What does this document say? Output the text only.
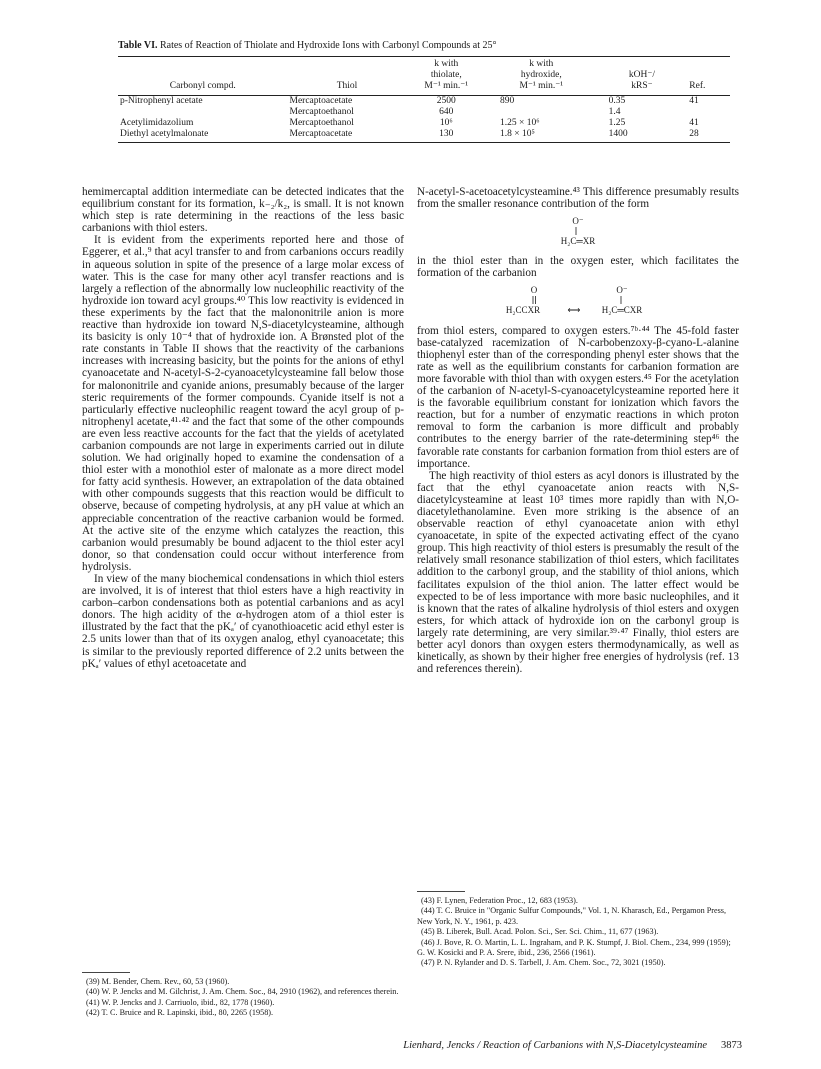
Table VI. Rates of Reaction of Thiolate and Hydroxide Ions with Carbonyl Compounds at 25°
Carbonyl compd.	Thiol	k with
thiolate,
M⁻¹ min.⁻¹	k with
hydroxide,
M⁻¹ min.⁻¹	kOH⁻/
kRS⁻	Ref.

p-Nitrophenyl acetate	Mercaptoacetate	2500	890	0.35	41
	Mercaptoethanol	640		1.4	
Acetylimidazolium	Mercaptoethanol	10⁶	1.25 × 10⁶	1.25	41
Diethyl acetylmalonate	Mercaptoacetate	130	1.8 × 10⁵	1400	28

hemimercaptal addition intermediate can be detected indicates that the equilibrium constant for its formation, k₋₂/k₂, is small. It is not known which step is rate determining in the reactions of the less basic carbanions with thiol esters.

It is evident from the experiments reported here and those of Eggerer, et al.,⁹ that acyl transfer to and from carbanions occurs readily in aqueous solution in spite of the presence of a large molar excess of water. This is the case for many other acyl transfer reactions and is largely a reflection of the abnormally low nucleophilic reactivity of the hydroxide ion toward acyl groups.⁴⁰ This low reactivity is evidenced in these experiments by the fact that the malononitrile anion is more reactive than hydroxide ion toward N,S-diacetylcysteamine, although its basicity is only 10⁻⁴ that of hydroxide ion. A Brønsted plot of the rate constants in Table II shows that the reactivity of the carbanions increases with increasing basicity, but the points for the anions of ethyl cyanoacetate and N-acetyl-S-2-cyanoacetylcysteamine fall below those for malononitrile and cyanide anions, presumably because of the larger steric requirements of the former compounds. Cyanide itself is not a particularly effective nucleophilic reagent toward the acyl group of p-nitrophenyl acetate,⁴¹·⁴² and the fact that some of the other compounds are even less reactive accounts for the fact that the yields of acetylated carbanion compounds are not large in experiments carried out in dilute solution. We had originally hoped to examine the condensation of a thiol ester with a monothiol ester of malonate as a more direct model for fatty acid synthesis. However, an extrapolation of the data obtained with other compounds suggests that this reaction would be difficult to observe, because of competing hydrolysis, at any pH value at which an appreciable concentration of the reactive carbanion would be formed. At the active site of the enzyme which catalyzes the reaction, this carbanion would presumably be bound adjacent to the thiol ester acyl donor, so that condensation could occur without interference from hydrolysis.

In view of the many biochemical condensations in which thiol esters are involved, it is of interest that thiol esters have a high reactivity in carbon–carbon condensations both as potential carbanions and as acyl donors. The high acidity of the α-hydrogen atom of a thiol ester is illustrated by the fact that the pKₐ′ of cyanothioacetic acid ethyl ester is 2.5 units lower than that of its oxygen analog, ethyl cyanoacetate; this is similar to the previously reported difference of 2.2 units between the pKₐ′ values of ethyl acetoacetate and

N-acetyl-S-acetoacetylcysteamine.⁴³ This difference presumably results from the smaller resonance contribution of the form

O⁻
H₂C═XR

in the thiol ester than in the oxygen ester, which facilitates the formation of the carbanion

O
H₂CCXR	⟷
O⁻
H₂C═CXR

from thiol esters, compared to oxygen esters.⁷ᵇ·⁴⁴ The 45-fold faster base-catalyzed racemization of N-carbobenzoxy-β-cyano-L-alanine thiophenyl ester than of the corresponding phenyl ester shows that the rate as well as the equilibrium constants for carbanion formation are more favorable with thiol than with oxygen esters.⁴⁵ For the acetylation of the carbanion of N-acetyl-S-cyanoacetylcysteamine reported here it is the favorable equilibrium constant for ionization which favors the reaction, but for a number of enzymatic reactions in which proton removal to form the carbanion is more difficult and probably contributes to the energy barrier of the rate-determining step⁴⁶ the favorable rate constants for carbanion formation from thiol esters are of importance.

The high reactivity of thiol esters as acyl donors is illustrated by the fact that the ethyl cyanoacetate anion reacts with N,S-diacetylcysteamine at least 10³ times more rapidly than with N,O-diacetylethanolamine. Even more striking is the absence of an observable reaction of ethyl cyanoacetate anion with ethyl cyanoacetate, in spite of the expected activating effect of the cyano group. This high reactivity of thiol esters is presumably the result of the relatively small resonance stabilization of thiol esters, which facilitates addition to the carbonyl group, and the stability of thiol anions, which facilitates expulsion of the thiol anion. The latter effect would be expected to be of less importance with more basic nucleophiles, and it is known that the rates of alkaline hydrolysis of thiol esters and oxygen esters, for which attack of hydroxide ion on the carbonyl group is largely rate determining, are very similar.³⁹·⁴⁷ Finally, thiol esters are better acyl donors than oxygen esters thermodynamically, as well as kinetically, as shown by their higher free energies of hydrolysis (ref. 13 and references therein).

(39) M. Bender, Chem. Rev., 60, 53 (1960).

(40) W. P. Jencks and M. Gilchrist, J. Am. Chem. Soc., 84, 2910 (1962), and references therein.

(41) W. P. Jencks and J. Carriuolo, ibid., 82, 1778 (1960).

(42) T. C. Bruice and R. Lapinski, ibid., 80, 2265 (1958).

(43) F. Lynen, Federation Proc., 12, 683 (1953).

(44) T. C. Bruice in "Organic Sulfur Compounds," Vol. 1, N. Kharasch, Ed., Pergamon Press, New York, N. Y., 1961, p. 423.

(45) B. Liberek, Bull. Acad. Polon. Sci., Ser. Sci. Chim., 11, 677 (1963).

(46) J. Bove, R. O. Martin, L. L. Ingraham, and P. K. Stumpf, J. Biol. Chem., 234, 999 (1959); G. W. Kosicki and P. A. Srere, ibid., 236, 2566 (1961).

(47) P. N. Rylander and D. S. Tarbell, J. Am. Chem. Soc., 72, 3021 (1950).

Lienhard, Jencks / Reaction of Carbanions with N,S-Diacetylcysteamine 3873
